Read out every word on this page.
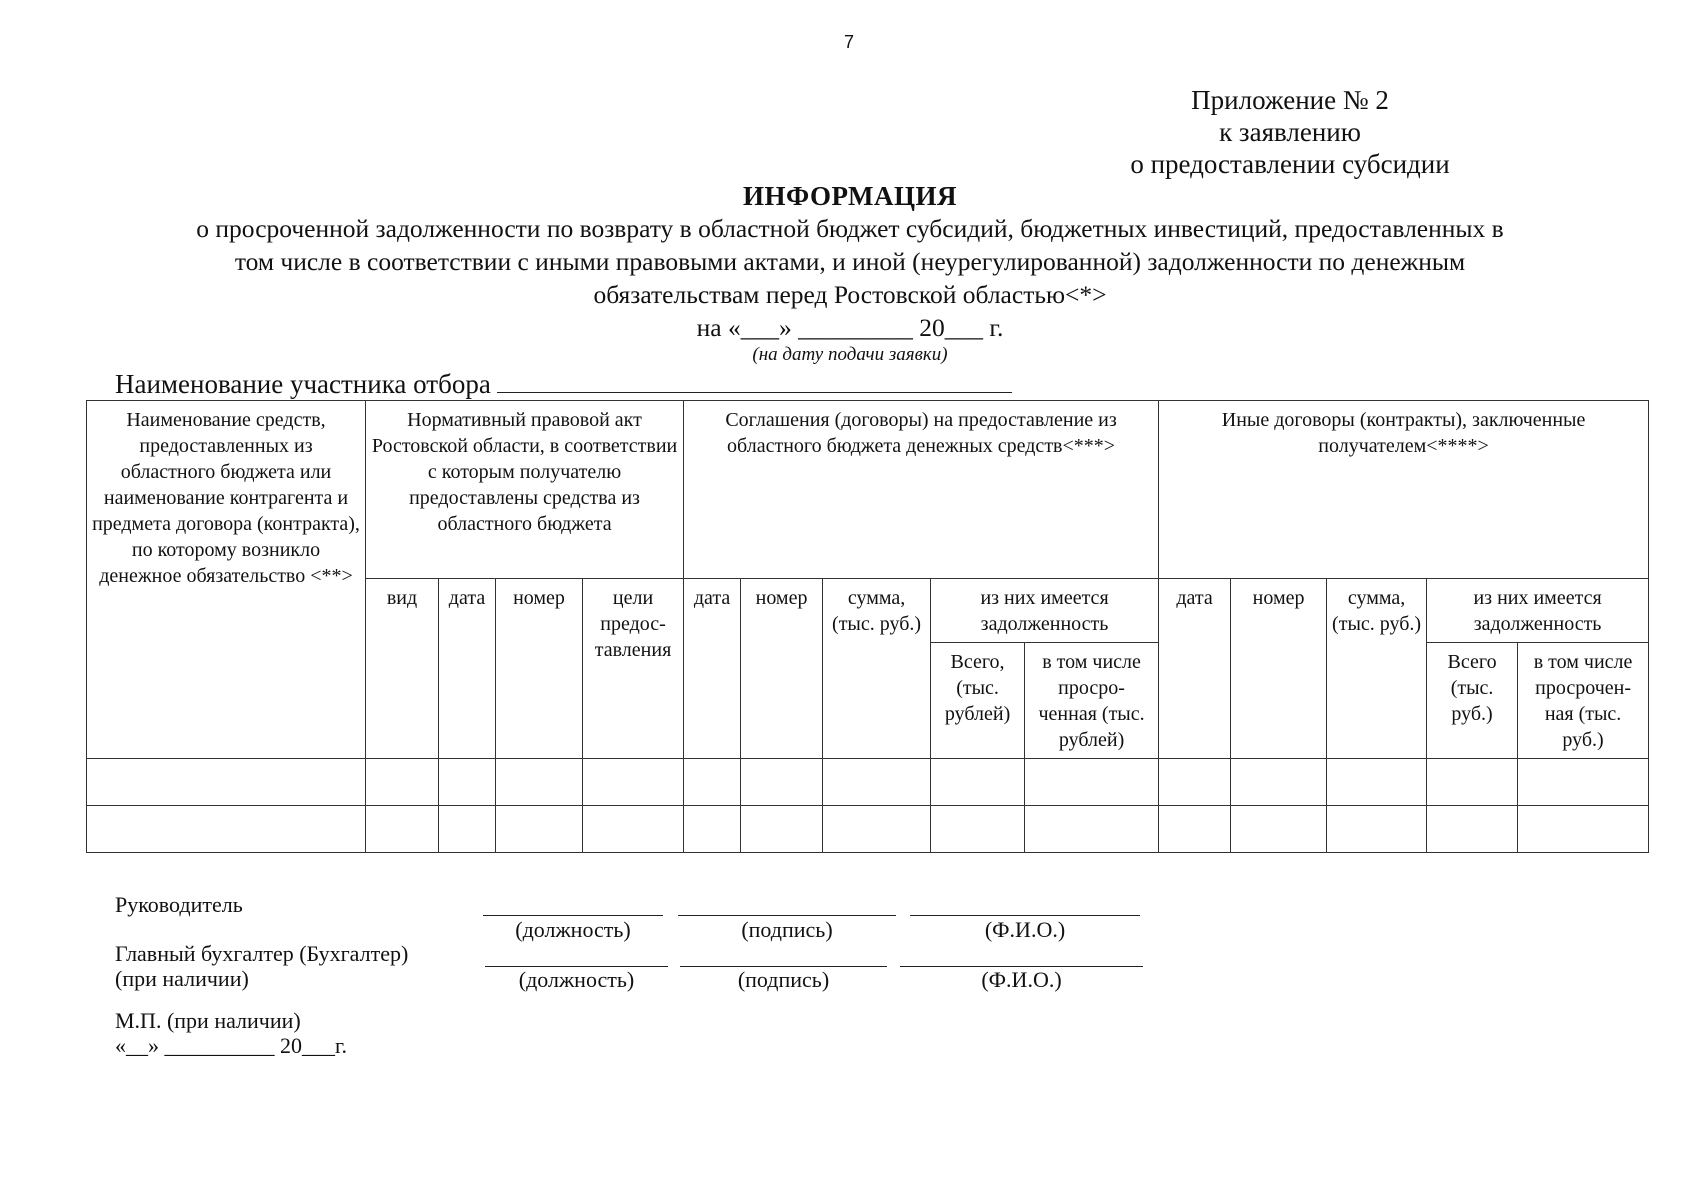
7
Приложение № 2
к заявлению
о предоставлении субсидии
ИНФОРМАЦИЯ
о просроченной задолженности по возврату в областной бюджет субсидий, бюджетных инвестиций, предоставленных в
том числе в соответствии с иными правовыми актами, и иной (неурегулированной) задолженности по денежным
обязательствам перед Ростовской областью<*>
на «___» _________ 20___ г.
(на дату подачи заявки)
Наименование участника отбора
Наименование средств, предоставленных из областного бюджета или наименование контрагента и предмета договора (контракта), по которому возникло денежное обязательство <**>	Нормативный правовой акт Ростовской области, в соответствии с которым получателю предоставлены средства из областного бюджета				Соглашения (договоры) на предоставление из областного бюджета денежных средств<***>					Иные договоры (контракты), заключенные получателем<****>				
	вид	дата	номер	цели предос-тавления	дата	номер	сумма, (тыс. руб.)	из них имеется задолженность		дата	номер	сумма, (тыс. руб.)	из них имеется задолженность	
								Всего, (тыс. рублей)	в том числе просро-ченная (тыс. рублей)				Всего (тыс. руб.)	в том числе просрочен-ная (тыс. руб.)

Руководитель
(должность)	(подпись)	(Ф.И.О.)
Главный бухгалтер (Бухгалтер)
(при наличии)	(должность)	(подпись)	(Ф.И.О.)
М.П. (при наличии)
«__» __________ 20___г.
